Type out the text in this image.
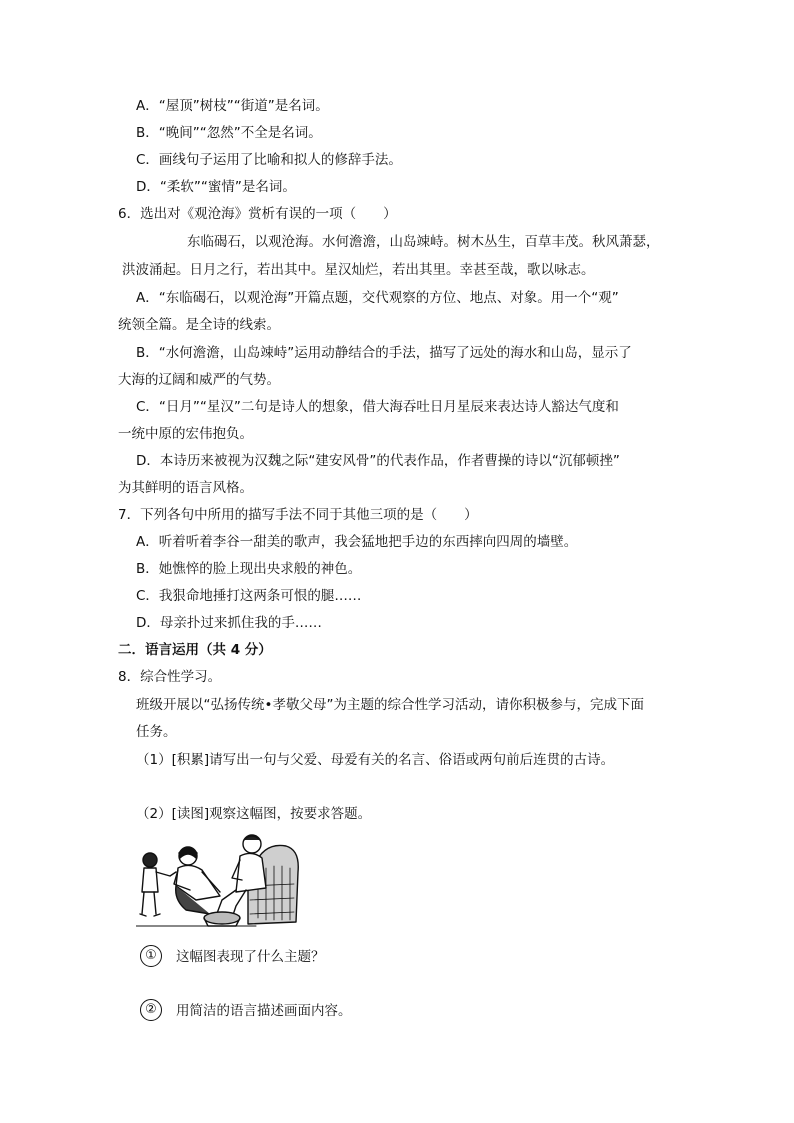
A．“屋顶”树枝”“街道”是名词。
B．“晚间”“忽然”不全是名词。
C．画线句子运用了比喻和拟人的修辞手法。
D．“柔软”“蜜情”是名词。
6．选出对《观沧海》赏析有误的一项（　　）
东临碣石，以观沧海。水何澹澹，山岛竦峙。树木丛生，百草丰茂。秋风萧瑟，
洪波涌起。日月之行，若出其中。星汉灿烂，若出其里。幸甚至哉，歌以咏志。
A．“东临碣石，以观沧海”开篇点题，交代观察的方位、地点、对象。用一个“观”
统领全篇。是全诗的线索。
B．“水何澹澹，山岛竦峙”运用动静结合的手法，描写了远处的海水和山岛，显示了
大海的辽阔和威严的气势。
C．“日月”“星汉”二句是诗人的想象，借大海吞吐日月星辰来表达诗人豁达气度和
一统中原的宏伟抱负。
D．本诗历来被视为汉魏之际“建安风骨”的代表作品，作者曹操的诗以“沉郁顿挫”
为其鲜明的语言风格。
7．下列各句中所用的描写手法不同于其他三项的是（　　）
A．听着听着李谷一甜美的歌声，我会猛地把手边的东西摔向四周的墙壁。
B．她憔悴的脸上现出央求般的神色。
C．我狠命地捶打这两条可恨的腿……
D．母亲扑过来抓住我的手……
二．语言运用（共 4 分）
8．综合性学习。
班级开展以“弘扬传统•孝敬父母”为主题的综合性学习活动，请你积极参与，完成下面
任务。
（1）[积累]请写出一句与父爱、母爱有关的名言、俗语或两句前后连贯的古诗。
（2）[读图]观察这幅图，按要求答题。
①	这幅图表现了什么主题？
②	用简洁的语言描述画面内容。
